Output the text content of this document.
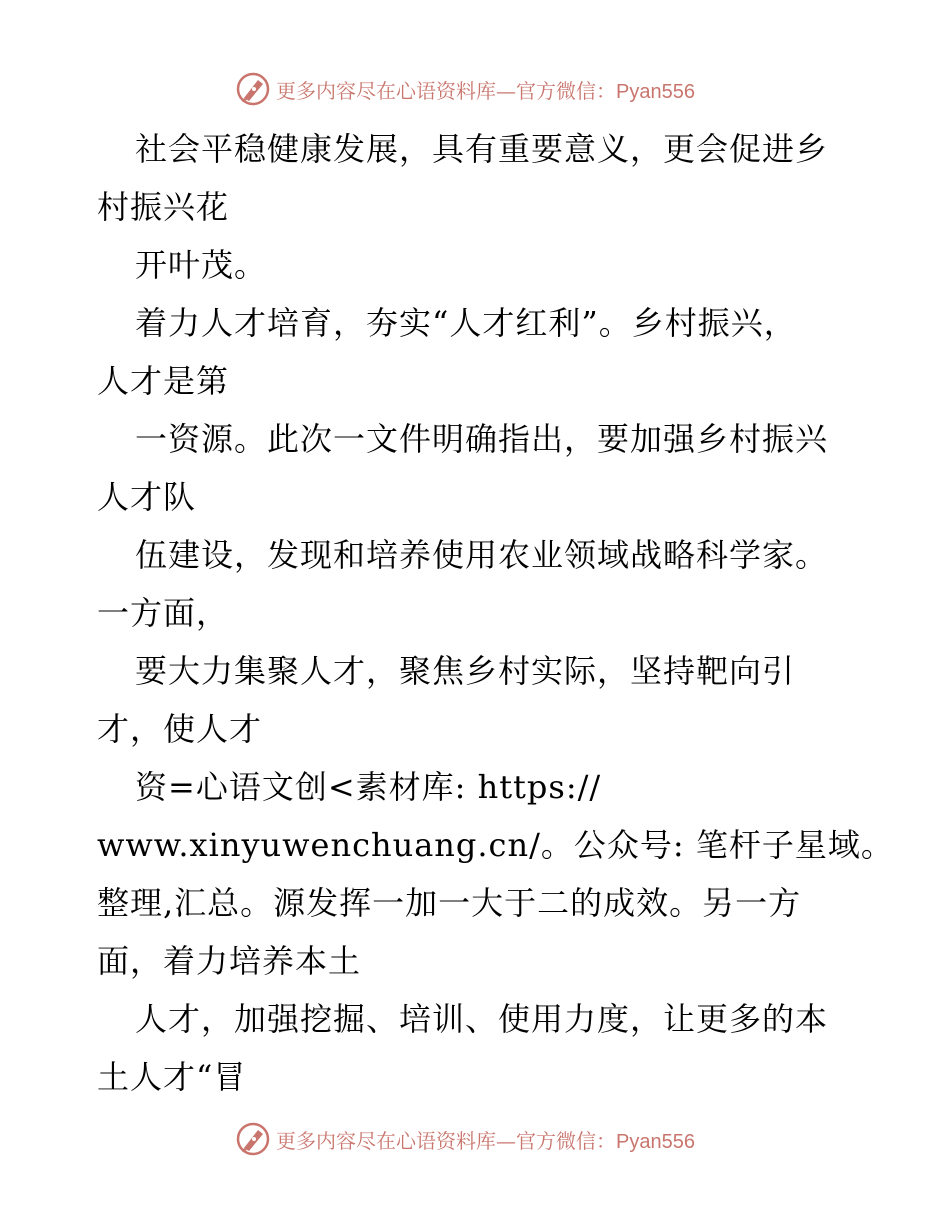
更多内容尽在心语资料库—官方微信：Pyan556
社会平稳健康发展，具有重要意义，更会促进乡
村振兴花
开叶茂。
着力人才培育，夯实“人才红利”。乡村振兴，
人才是第
一资源。此次一文件明确指出，要加强乡村振兴
人才队
伍建设，发现和培养使用农业领域战略科学家。
一方面，
要大力集聚人才，聚焦乡村实际，坚持靶向引
才，使人才
资=心语文创<素材库: https://
www.xinyuwenchuang.cn/。公众号: 笔杆子星域。
整理,汇总。源发挥一加一大于二的成效。另一方
面，着力培养本土
人才，加强挖掘、培训、使用力度，让更多的本
土人才“冒
更多内容尽在心语资料库—官方微信：Pyan556
